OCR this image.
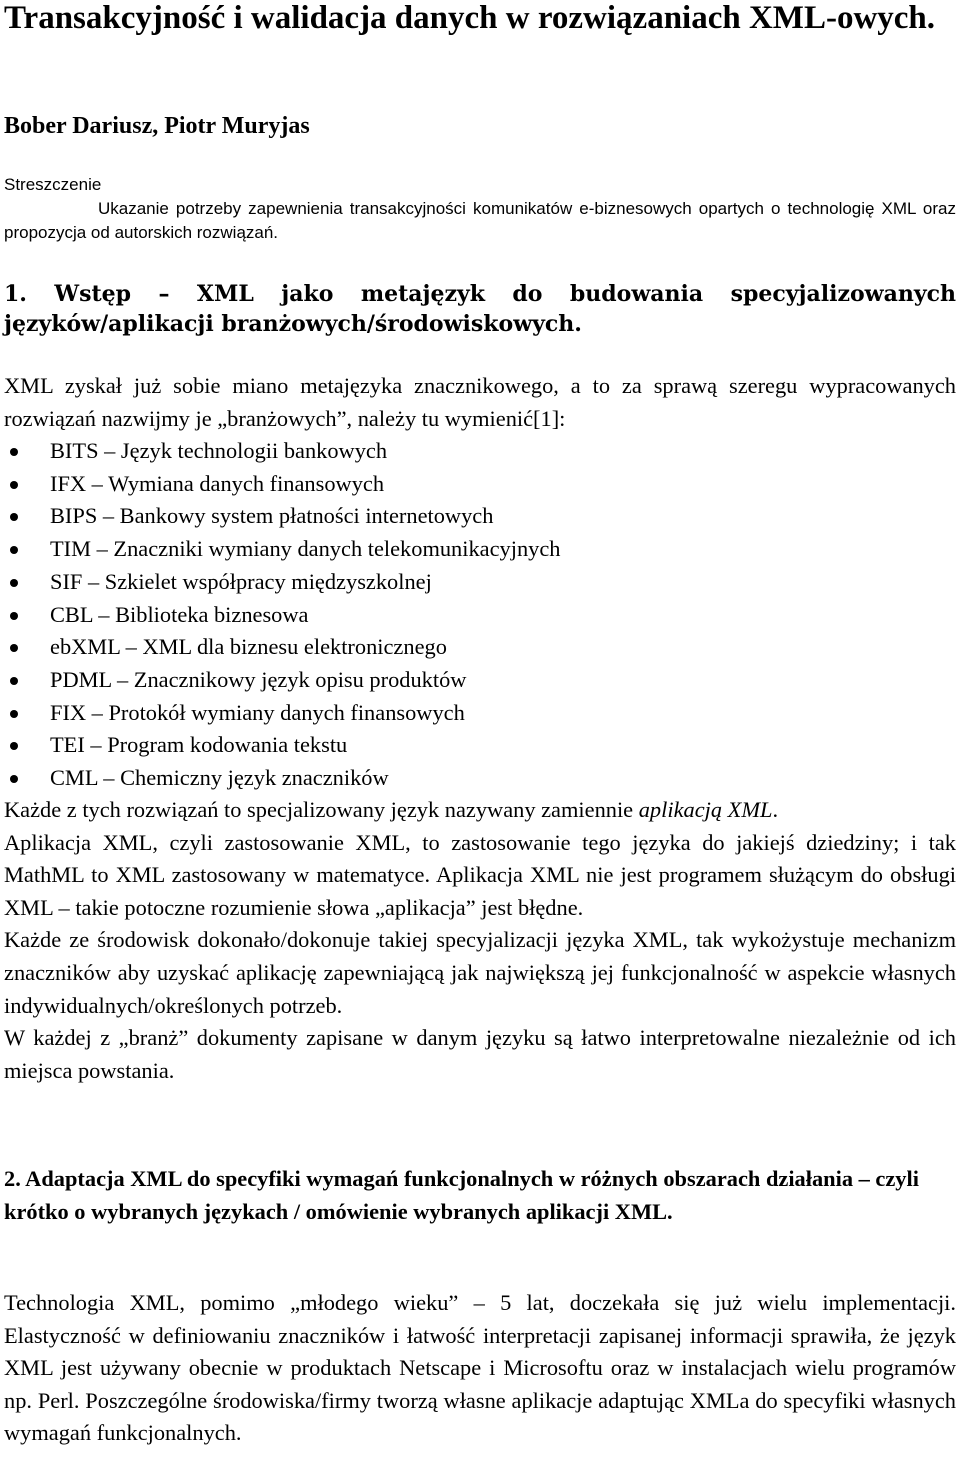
Transakcyjność i walidacja danych w rozwiązaniach XML-owych.

Bober Dariusz, Piotr Muryjas

Streszczenie

Ukazanie potrzeby zapewnienia transakcyjności komunikatów e-biznesowych opartych o technologię XML oraz propozycja od autorskich rozwiązań.

1. Wstęp – XML jako metajęzyk do budowania specyjalizowanych języków/aplikacji branżowych/środowiskowych.

XML zyskał już sobie miano metajęzyka znacznikowego, a to za sprawą szeregu wypracowanych rozwiązań nazwijmy je „branżowych”, należy tu wymienić[1]:

BITS – Język technologii bankowych
IFX – Wymiana danych finansowych
BIPS – Bankowy system płatności internetowych
TIM – Znaczniki wymiany danych telekomunikacyjnych
SIF – Szkielet współpracy międzyszkolnej
CBL – Biblioteka biznesowa
ebXML – XML dla biznesu elektronicznego
PDML – Znacznikowy język opisu produktów
FIX – Protokół wymiany danych finansowych
TEI – Program kodowania tekstu
CML – Chemiczny język znaczników

Każde z tych rozwiązań to specjalizowany język nazywany zamiennie aplikacją XML.

Aplikacja XML, czyli zastosowanie XML, to zastosowanie tego języka do jakiejś dziedziny; i tak MathML to XML zastosowany w matematyce. Aplikacja XML nie jest programem służącym do obsługi XML – takie potoczne rozumienie słowa „aplikacja” jest błędne.

Każde ze środowisk dokonało/dokonuje takiej specyjalizacji języka XML, tak wykożystuje mechanizm znaczników aby uzyskać aplikację zapewniającą jak największą jej funkcjonalność w aspekcie własnych indywidualnych/określonych potrzeb.

W każdej z „branż” dokumenty zapisane w danym języku są łatwo interpretowalne niezależnie od ich miejsca powstania.

2. Adaptacja XML do specyfiki wymagań funkcjonalnych w różnych obszarach działania – czyli krótko o wybranych językach / omówienie wybranych aplikacji XML.

Technologia XML, pomimo „młodego wieku” – 5 lat, doczekała się już wielu implementacji. Elastyczność w definiowaniu znaczników i łatwość interpretacji zapisanej informacji sprawiła, że język XML jest używany obecnie w produktach Netscape i Microsoftu oraz w instalacjach wielu programów np. Perl. Poszczególne środowiska/firmy tworzą własne aplikacje adaptując XMLa do specyfiki własnych wymagań funkcjonalnych.
